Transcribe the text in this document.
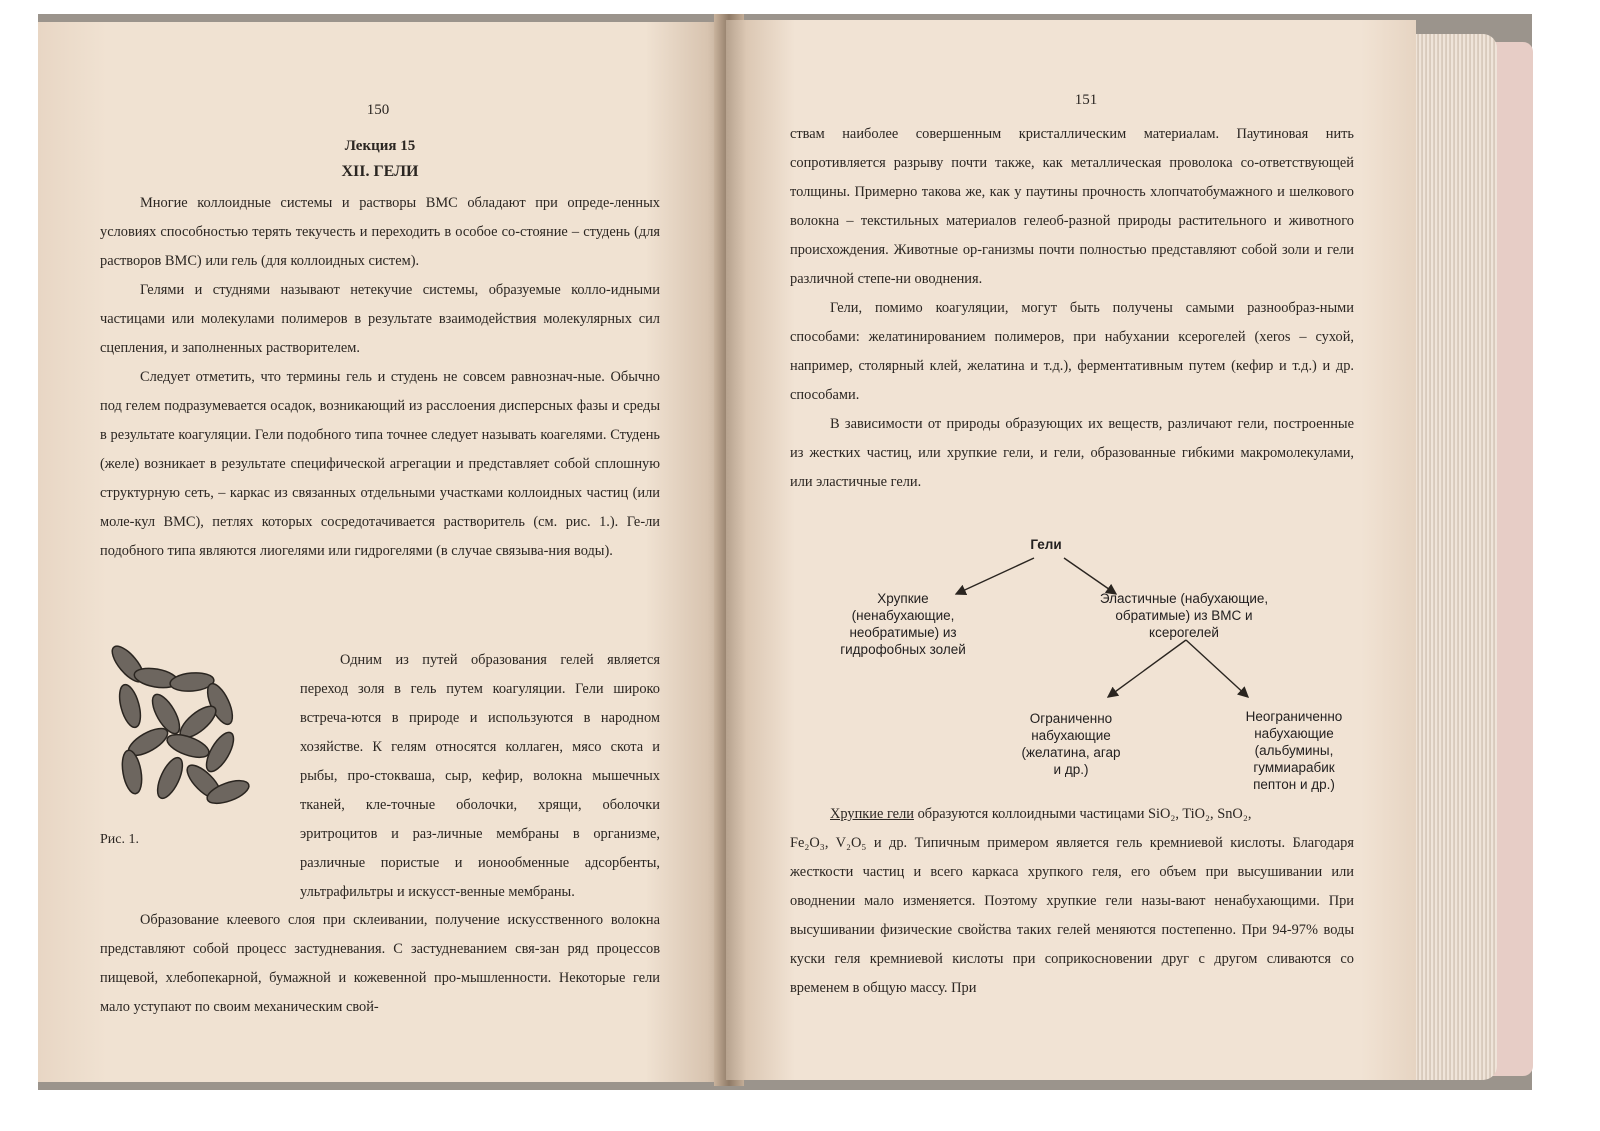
150
Лекция 15
XII. ГЕЛИ

Многие коллоидные системы и растворы ВМС обладают при опреде-ленных условиях способностью терять текучесть и переходить в особое со-стояние – студень (для растворов ВМС) или гель (для коллоидных систем).

Гелями и студнями называют нетекучие системы, образуемые колло-идными частицами или молекулами полимеров в результате взаимодействия молекулярных сил сцепления, и заполненных растворителем.

Следует отметить, что термины гель и студень не совсем равнознач-ные. Обычно под гелем подразумевается осадок, возникающий из расслоения дисперсных фазы и среды в результате коагуляции. Гели подобного типа точнее следует называть коагелями. Студень (желе) возникает в результате специфической агрегации и представляет собой сплошную структурную сеть, – каркас из связанных отдельными участками коллоидных частиц (или моле-кул ВМС), петлях которых сосредотачивается растворитель (см. рис. 1.). Ге-ли подобного типа являются лиогелями или гидрогелями (в случае связыва-ния воды).

Рис. 1.

Одним из путей образования гелей является переход золя в гель путем коагуляции. Гели широко встреча-ются в природе и используются в народном хозяйстве. К гелям относятся коллаген, мясо скота и рыбы, про-стокваша, сыр, кефир, волокна мышечных тканей, кле-точные оболочки, хрящи, оболочки эритроцитов и раз-личные мембраны в организме, различные пористые и ионообменные адсорбенты, ультрафильтры и искусст-венные мембраны.

Образование клеевого слоя при склеивании, получение искусственного волокна представляют собой процесс застудневания. С застудневанием свя-зан ряд процессов пищевой, хлебопекарной, бумажной и кожевенной про-мышленности. Некоторые гели мало уступают по своим механическим свой-

151

ствам наиболее совершенным кристаллическим материалам. Паутиновая нить сопротивляется разрыву почти также, как металлическая проволока со-ответствующей толщины. Примерно такова же, как у паутины прочность хлопчатобумажного и шелкового волокна – текстильных материалов гелеоб-разной природы растительного и животного происхождения. Животные ор-ганизмы почти полностью представляют собой золи и гели различной степе-ни оводнения.

Гели, помимо коагуляции, могут быть получены самыми разнообраз-ными способами: желатинированием полимеров, при набухании ксерогелей (xeros – сухой, например, столярный клей, желатина и т.д.), ферментативным путем (кефир и т.д.) и др. способами.

В зависимости от природы образующих их веществ, различают гели, построенные из жестких частиц, или хрупкие гели, и гели, образованные гибкими макромолекулами, или эластичные гели.

Гели
Хрупкие (ненабухающие, необратимые) из гидрофобных золей
Эластичные (набухающие, обратимые) из ВМС и ксерогелей
Ограниченно набухающие (желатина, агар и др.)
Неограниченно набухающие (альбумины, гуммиарабик пептон и др.)

Хрупкие гели образуются коллоидными частицами SiO₂, TiO₂, SnO₂,

Fe₂O₃, V₂O₅ и др. Типичным примером является гель кремниевой кислоты. Благодаря жесткости частиц и всего каркаса хрупкого геля, его объем при высушивании или оводнении мало изменяется. Поэтому хрупкие гели назы-вают ненабухающими. При высушивании физические свойства таких гелей меняются постепенно. При 94-97% воды куски геля кремниевой кислоты при соприкосновении друг с другом сливаются со временем в общую массу. При
